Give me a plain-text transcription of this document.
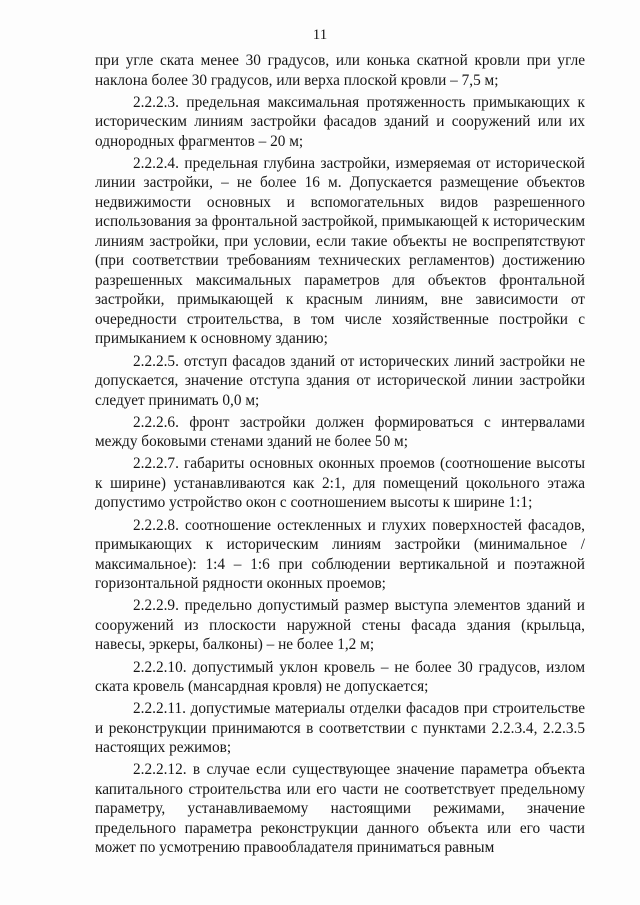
11

при угле ската менее 30 градусов, или конька скатной кровли при угле наклона более 30 градусов, или верха плоской кровли – 7,5 м;

2.2.2.3. предельная максимальная протяженность примыкающих к историческим линиям застройки фасадов зданий и сооружений или их однородных фрагментов – 20 м;

2.2.2.4. предельная глубина застройки, измеряемая от исторической линии застройки, – не более 16 м. Допускается размещение объектов недвижимости основных и вспомогательных видов разрешенного использования за фронтальной застройкой, примыкающей к историческим линиям застройки, при условии, если такие объекты не воспрепятствуют (при соответствии требованиям технических регламентов) достижению разрешенных максимальных параметров для объектов фронтальной застройки, примыкающей к красным линиям, вне зависимости от очередности строительства, в том числе хозяйственные постройки с примыканием к основному зданию;

2.2.2.5. отступ фасадов зданий от исторических линий застройки не допускается, значение отступа здания от исторической линии застройки следует принимать 0,0 м;

2.2.2.6. фронт застройки должен формироваться с интервалами между боковыми стенами зданий не более 50 м;

2.2.2.7. габариты основных оконных проемов (соотношение высоты к ширине) устанавливаются как 2:1, для помещений цокольного этажа допустимо устройство окон с соотношением высоты к ширине 1:1;

2.2.2.8. соотношение остекленных и глухих поверхностей фасадов, примыкающих к историческим линиям застройки (минимальное / максимальное): 1:4 – 1:6 при соблюдении вертикальной и поэтажной горизонтальной рядности оконных проемов;

2.2.2.9. предельно допустимый размер выступа элементов зданий и сооружений из плоскости наружной стены фасада здания (крыльца, навесы, эркеры, балконы) – не более 1,2 м;

2.2.2.10. допустимый уклон кровель – не более 30 градусов, излом ската кровель (мансардная кровля) не допускается;

2.2.2.11. допустимые материалы отделки фасадов при строительстве и реконструкции принимаются в соответствии с пунктами 2.2.3.4, 2.2.3.5 настоящих режимов;

2.2.2.12. в случае если существующее значение параметра объекта капитального строительства или его части не соответствует предельному параметру, устанавливаемому настоящими режимами, значение предельного параметра реконструкции данного объекта или его части может по усмотрению правообладателя приниматься равным
